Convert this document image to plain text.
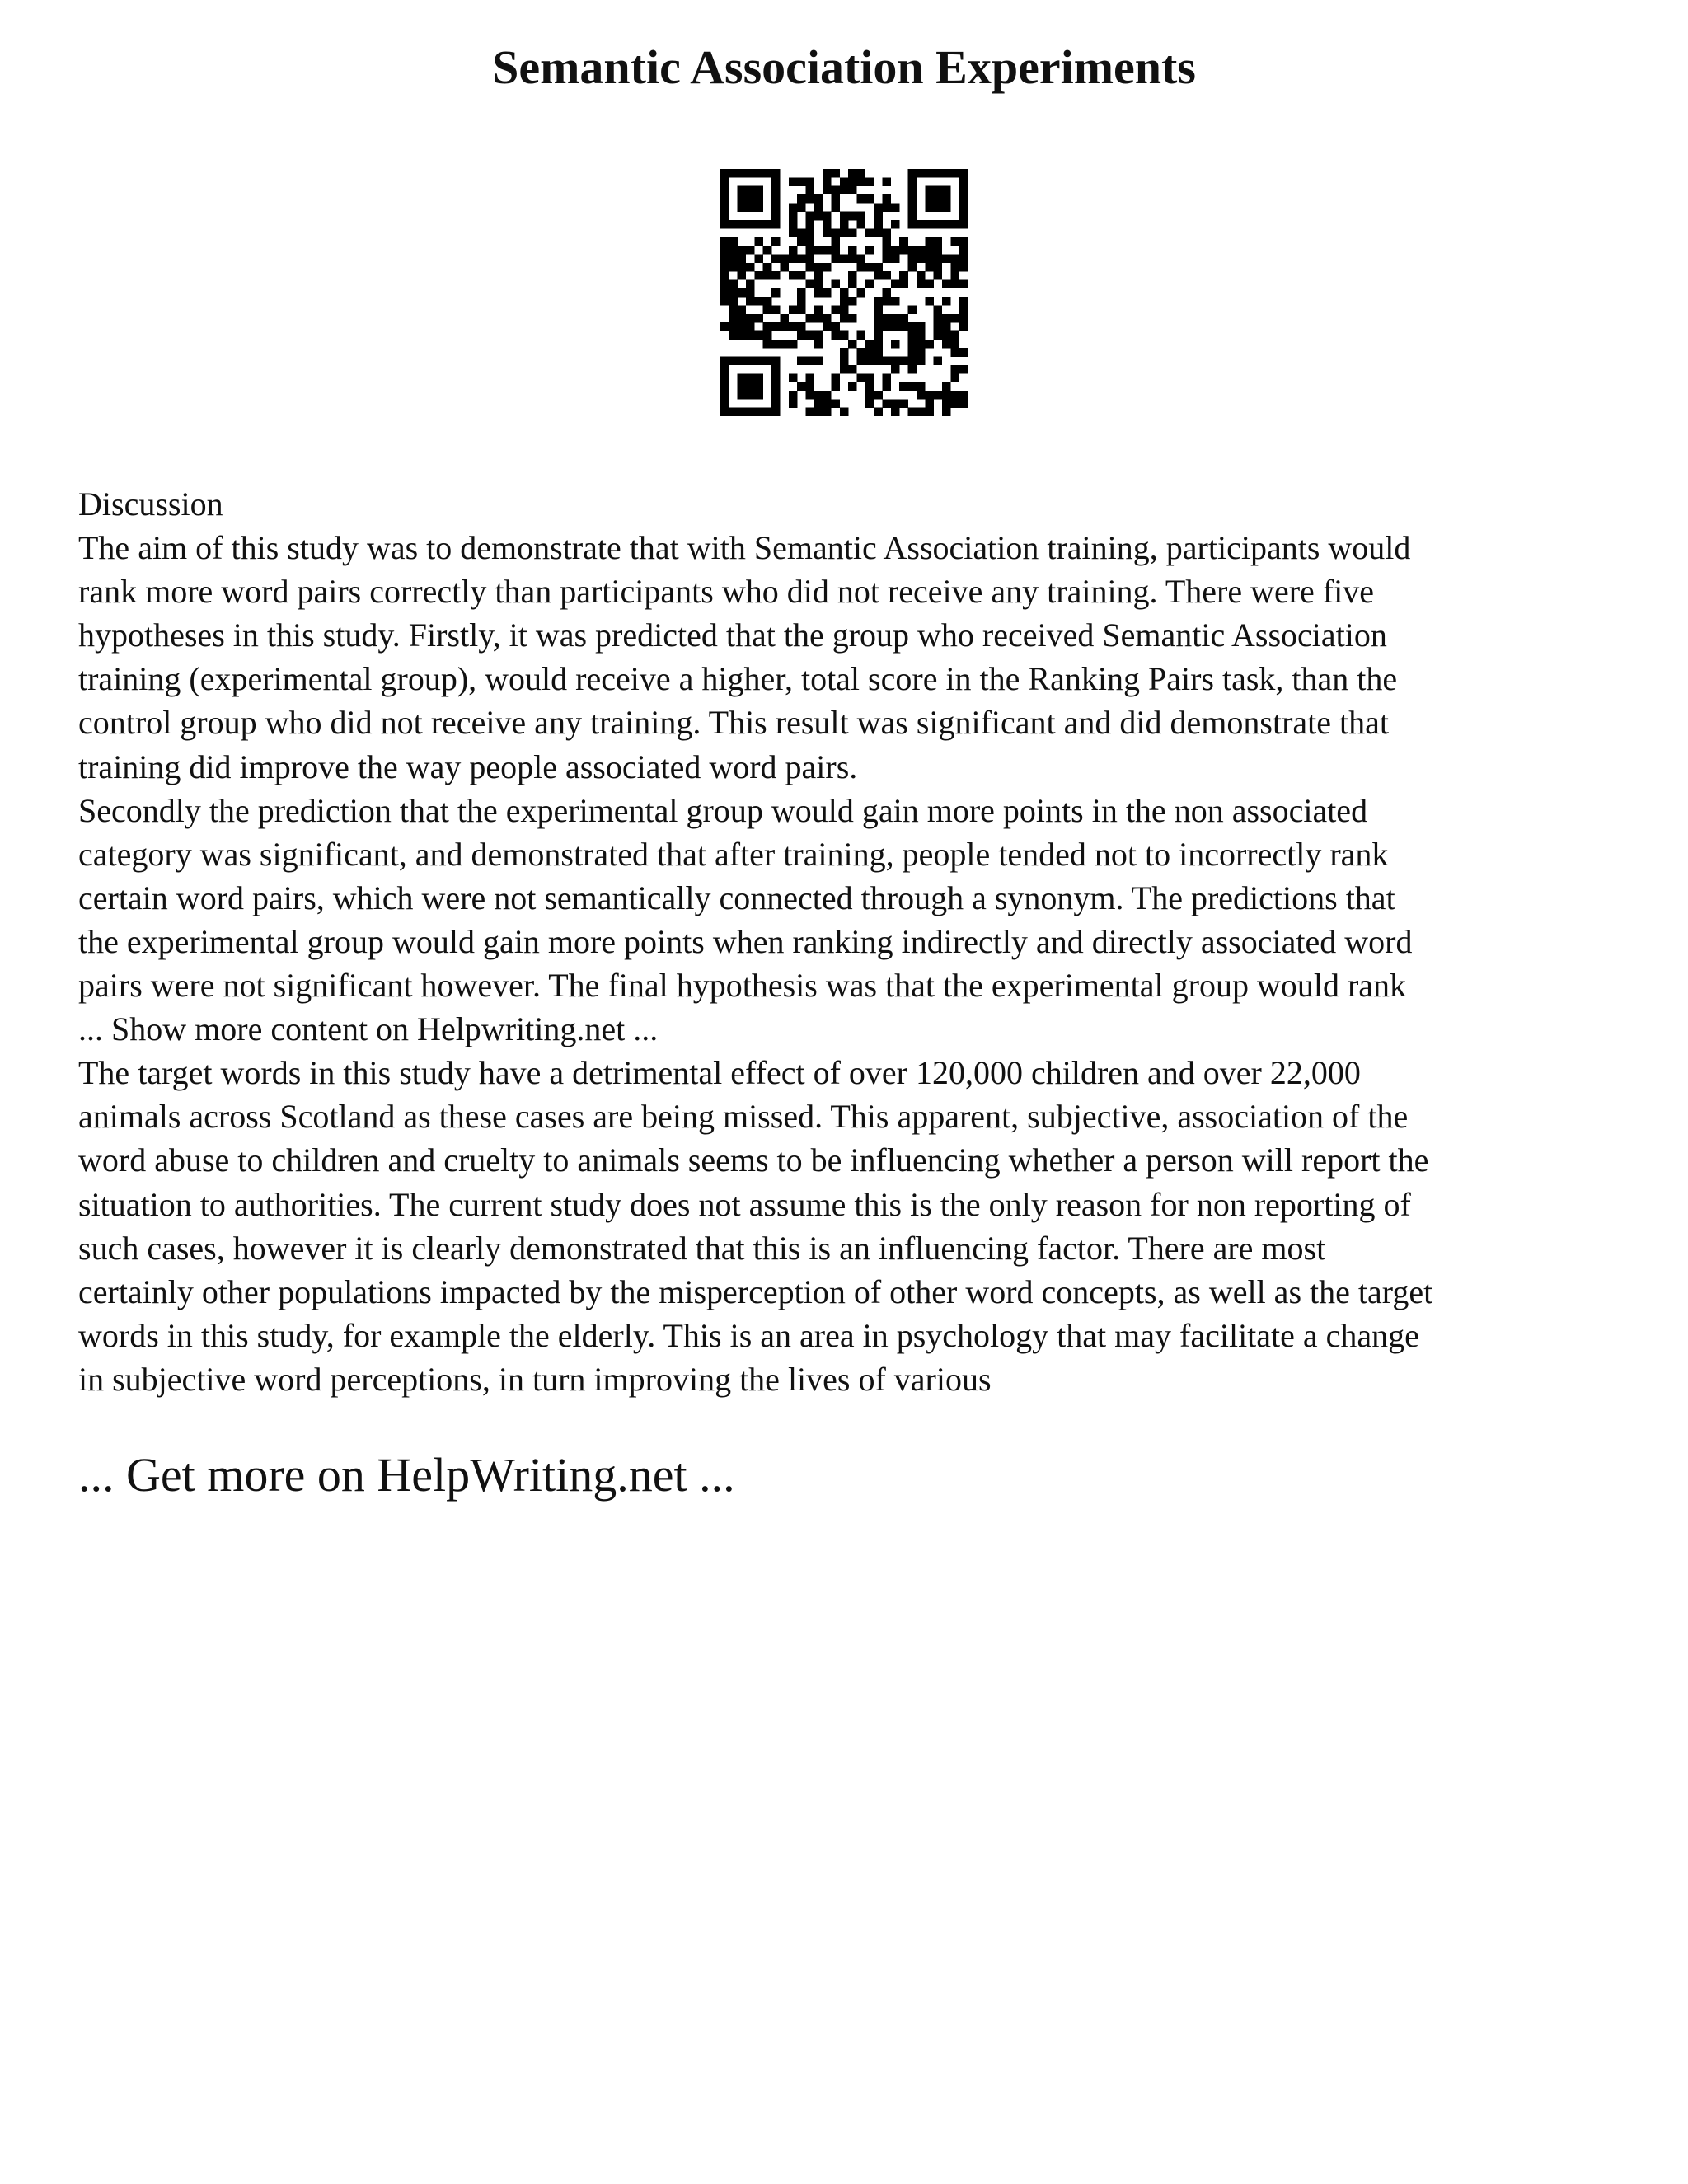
Semantic Association Experiments
Discussion
The aim of this study was to demonstrate that with Semantic Association training, participants would
rank more word pairs correctly than participants who did not receive any training. There were five
hypotheses in this study. Firstly, it was predicted that the group who received Semantic Association
training (experimental group), would receive a higher, total score in the Ranking Pairs task, than the
control group who did not receive any training. This result was significant and did demonstrate that
training did improve the way people associated word pairs.
Secondly the prediction that the experimental group would gain more points in the non associated
category was significant, and demonstrated that after training, people tended not to incorrectly rank
certain word pairs, which were not semantically connected through a synonym. The predictions that
the experimental group would gain more points when ranking indirectly and directly associated word
pairs were not significant however. The final hypothesis was that the experimental group would rank
... Show more content on Helpwriting.net ...
The target words in this study have a detrimental effect of over 120,000 children and over 22,000
animals across Scotland as these cases are being missed. This apparent, subjective, association of the
word abuse to children and cruelty to animals seems to be influencing whether a person will report the
situation to authorities. The current study does not assume this is the only reason for non reporting of
such cases, however it is clearly demonstrated that this is an influencing factor. There are most
certainly other populations impacted by the misperception of other word concepts, as well as the target
words in this study, for example the elderly. This is an area in psychology that may facilitate a change
in subjective word perceptions, in turn improving the lives of various
... Get more on HelpWriting.net ...
